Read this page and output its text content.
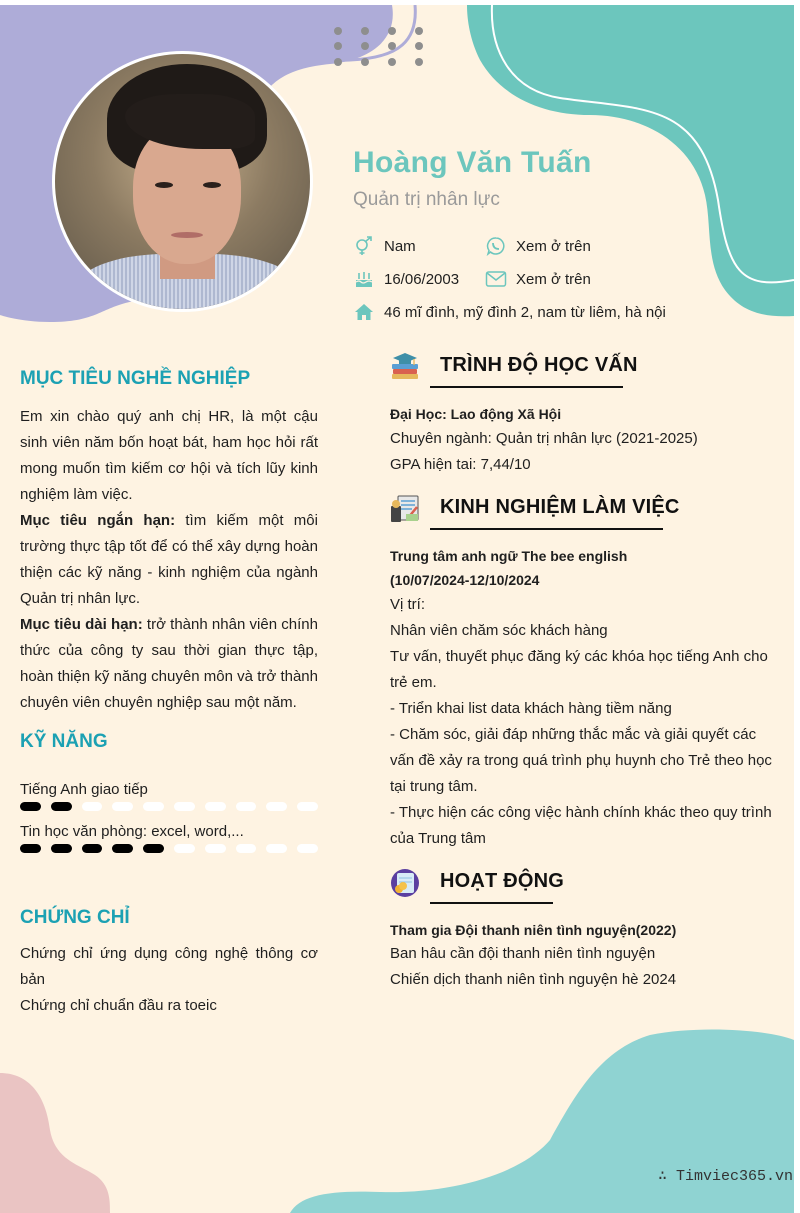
Hoàng Văn Tuấn
Quản trị nhân lực
Nam	Xem ở trên
16/06/2003	Xem ở trên
46 mĩ đình, mỹ đình 2, nam từ liêm, hà nội
MỤC TIÊU NGHỀ NGHIỆP
Em xin chào quý anh chị HR, là một cậu sinh viên năm bốn hoạt bát, ham học hỏi rất mong muốn tìm kiếm cơ hội và tích lũy kinh nghiệm làm việc.
Mục tiêu ngắn hạn: tìm kiếm một môi trường thực tập tốt để có thể xây dựng hoàn thiện các kỹ năng - kinh nghiệm của ngành Quản trị nhân lực.
Mục tiêu dài hạn: trở thành nhân viên chính thức của công ty sau thời gian thực tập, hoàn thiện kỹ năng chuyên môn và trở thành chuyên viên chuyên nghiệp sau một năm.
KỸ NĂNG
Tiếng Anh giao tiếp
Tin học văn phòng: excel, word,...
CHỨNG CHỈ
Chứng chỉ ứng dụng công nghệ thông cơ bản
Chứng chỉ chuẩn đầu ra toeic
TRÌNH ĐỘ HỌC VẤN
Đại Học: Lao động Xã Hội
Chuyên ngành: Quản trị nhân lực (2021-2025)
GPA hiện tai: 7,44/10
KINH NGHIỆM LÀM VIỆC
Trung tâm anh ngữ The bee english
(10/07/2024-12/10/2024
Vị trí:
Nhân viên chăm sóc khách hàng
Tư vấn, thuyết phục đăng ký các khóa học tiếng Anh cho trẻ em.
- Triển khai list data khách hàng tiềm năng
- Chăm sóc, giải đáp những thắc mắc và giải quyết các vấn đề xảy ra trong quá trình phụ huynh cho Trẻ theo học tại trung tâm.
- Thực hiện các công việc hành chính khác theo quy trình của Trung tâm
HOẠT ĐỘNG
Tham gia Đội thanh niên tình nguyện(2022)
Ban hâu cần đội thanh niên tình nguyện
Chiến dịch thanh niên tình nguyện hè 2024
∴ Timviec365.vn
